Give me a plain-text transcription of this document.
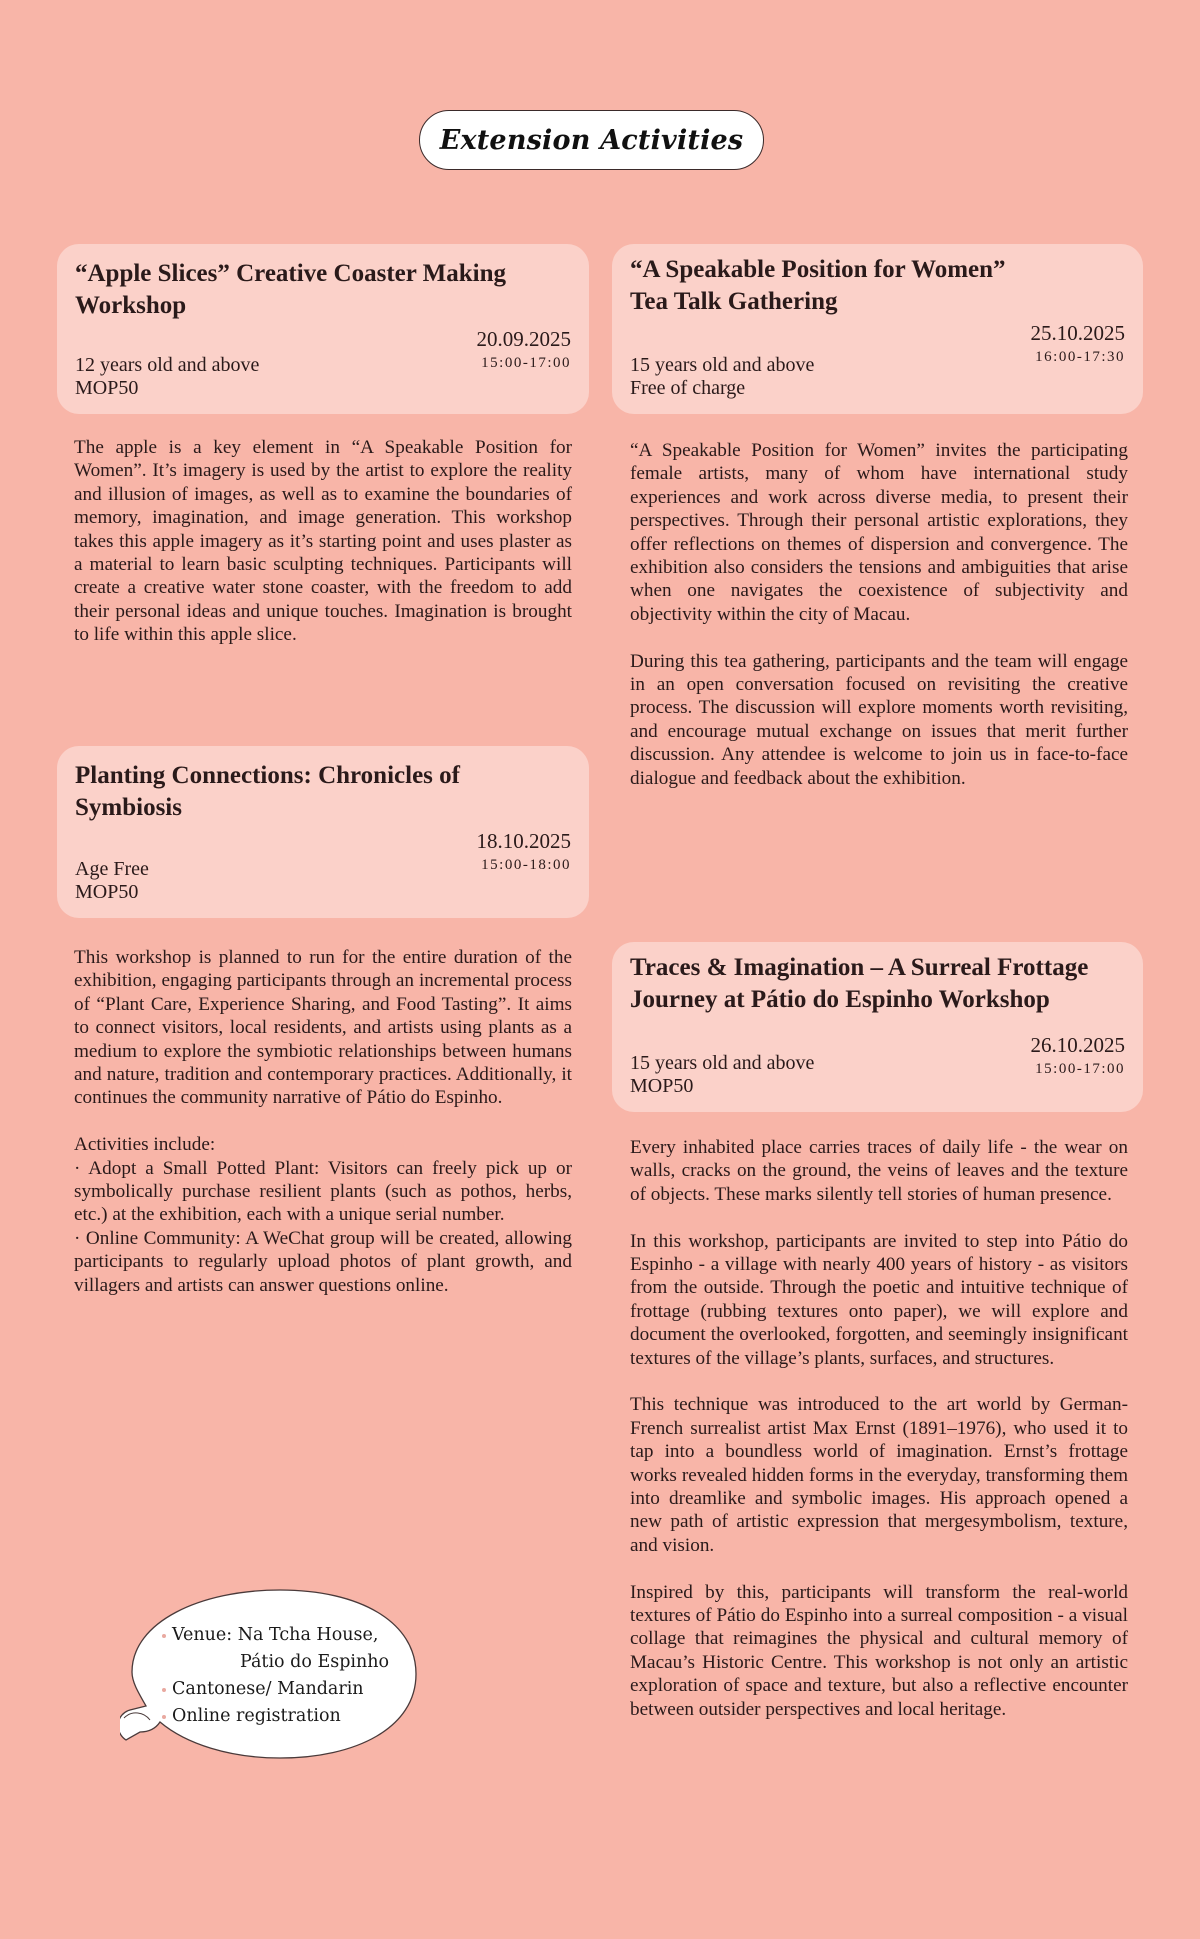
Extension Activities
“Apple Slices” Creative Coaster Making Workshop
12 years old and above
MOP50
20.09.2025
15:00-17:00

The apple is a key element in “A Speakable Position for Women”. It’s imagery is used by the artist to explore the reality and illusion of images, as well as to examine the boundaries of memory, imagination, and image generation. This workshop takes this apple imagery as it’s starting point and uses plaster as a material to learn basic sculpting techniques. Participants will create a creative water stone coaster, with the freedom to add their personal ideas and unique touches. Imagination is brought to life within this apple slice.

“A Speakable Position for Women”
Tea Talk Gathering
15 years old and above
Free of charge
25.10.2025
16:00-17:30

“A Speakable Position for Women” invites the participating female artists, many of whom have international study experiences and work across diverse media, to present their perspectives. Through their personal artistic explorations, they offer reflections on themes of dispersion and convergence. The exhibition also considers the tensions and ambiguities that arise when one navigates the coexistence of subjectivity and objectivity within the city of Macau.

During this tea gathering, participants and the team will engage in an open conversation focused on revisiting the creative process. The discussion will explore moments worth revisiting, and encourage mutual exchange on issues that merit further discussion. Any attendee is welcome to join us in face-to-face dialogue and feedback about the exhibition.

Planting Connections: Chronicles of Symbiosis
Age Free
MOP50
18.10.2025
15:00-18:00

This workshop is planned to run for the entire duration of the exhibition, engaging participants through an incremental process of “Plant Care, Experience Sharing, and Food Tasting”. It aims to connect visitors, local residents, and artists using plants as a medium to explore the symbiotic relationships between humans and nature, tradition and contemporary practices. Additionally, it continues the community narrative of Pátio do Espinho.

Activities include:
· Adopt a Small Potted Plant: Visitors can freely pick up or symbolically purchase resilient plants (such as pothos, herbs, etc.) at the exhibition, each with a unique serial number.
· Online Community: A WeChat group will be created, allowing participants to regularly upload photos of plant growth, and villagers and artists can answer questions online.
Traces & Imagination – A Surreal Frottage Journey at Pátio do Espinho Workshop
15 years old and above
MOP50
26.10.2025
15:00-17:00

Every inhabited place carries traces of daily life - the wear on walls, cracks on the ground, the veins of leaves and the texture of objects. These marks silently tell stories of human presence.

In this workshop, participants are invited to step into Pátio do Espinho - a village with nearly 400 years of history - as visitors from the outside. Through the poetic and intuitive technique of frottage (rubbing textures onto paper), we will explore and document the overlooked, forgotten, and seemingly insignificant textures of the village’s plants, surfaces, and structures.

This technique was introduced to the art world by German-French surrealist artist Max Ernst (1891–1976), who used it to tap into a boundless world of imagination. Ernst’s frottage works revealed hidden forms in the everyday, transforming them into dreamlike and symbolic images. His approach opened a new path of artistic expression that mergesymbolism, texture, and vision.

Inspired by this, participants will transform the real-world textures of Pátio do Espinho into a surreal composition - a visual collage that reimagines the physical and cultural memory of Macau’s Historic Centre. This workshop is not only an artistic exploration of space and texture, but also a reflective encounter between outsider perspectives and local heritage.

Venue: Na Tcha House,
Pátio do Espinho
Cantonese/ Mandarin
Online registration
